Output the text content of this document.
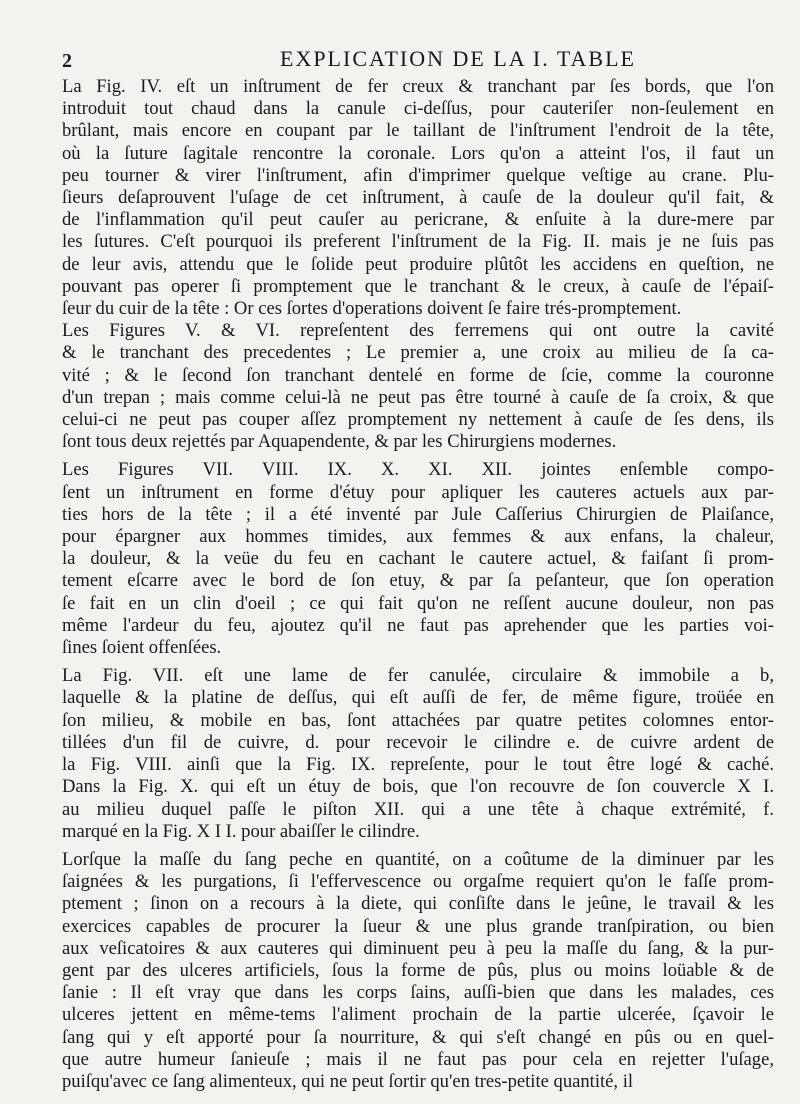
2	EXPLICATION DE LA I. TABLE
La Fig. IV. eſt un inſtrument de fer creux & tranchant par ſes bords, que l'on
introduit tout chaud dans la canule ci-deſſus, pour cauteriſer non-ſeulement en
brûlant, mais encore en coupant par le taillant de l'inſtrument l'endroit de la tête,
où la ſuture ſagitale rencontre la coronale. Lors qu'on a atteint l'os, il faut un
peu tourner & virer l'inſtrument, afin d'imprimer quelque veſtige au crane. Plu-
ſieurs deſaprouvent l'uſage de cet inſtrument, à cauſe de la douleur qu'il fait, &
de l'inflammation qu'il peut cauſer au pericrane, & enſuite à la dure-mere par
les ſutures. C'eſt pourquoi ils preferent l'inſtrument de la Fig. II. mais je ne ſuis pas
de leur avis, attendu que le ſolide peut produire plûtôt les accidens en queſtion, ne
pouvant pas operer ſi promptement que le tranchant & le creux, à cauſe de l'épaiſ-
ſeur du cuir de la tête : Or ces ſortes d'operations doivent ſe faire trés-promptement.
Les Figures V. & VI. repreſentent des ferremens qui ont outre la cavité
& le tranchant des precedentes ; Le premier a, une croix au milieu de ſa ca-
vité ; & le ſecond ſon tranchant dentelé en forme de ſcie, comme la couronne
d'un trepan ; mais comme celui-là ne peut pas être tourné à cauſe de ſa croix, & que
celui-ci ne peut pas couper aſſez promptement ny nettement à cauſe de ſes dens, ils
ſont tous deux rejettés par Aquapendente, & par les Chirurgiens modernes.
Les Figures VII. VIII. IX. X. XI. XII. jointes enſemble compo-
ſent un inſtrument en forme d'étuy pour apliquer les cauteres actuels aux par-
ties hors de la tête ; il a été inventé par Jule Caſſerius Chirurgien de Plaiſance,
pour épargner aux hommes timides, aux femmes & aux enfans, la chaleur,
la douleur, & la veüe du feu en cachant le cautere actuel, & faiſant ſi prom-
tement eſcarre avec le bord de ſon etuy, & par ſa peſanteur, que ſon operation
ſe fait en un clin d'oeil ; ce qui fait qu'on ne reſſent aucune douleur, non pas
même l'ardeur du feu, ajoutez qu'il ne faut pas aprehender que les parties voi-
ſines ſoient offenſées.
La Fig. VII. eſt une lame de fer canulée, circulaire & immobile a b,
laquelle & la platine de deſſus, qui eſt auſſi de fer, de même figure, troüée en
ſon milieu, & mobile en bas, ſont attachées par quatre petites colomnes entor-
tillées d'un fil de cuivre, d. pour recevoir le cilindre e. de cuivre ardent de
la Fig. VIII. ainſi que la Fig. IX. repreſente, pour le tout être logé & caché.
Dans la Fig. X. qui eſt un étuy de bois, que l'on recouvre de ſon couvercle X I.
au milieu duquel paſſe le piſton XII. qui a une tête à chaque extrémité, f.
marqué en la Fig. X I I. pour abaiſſer le cilindre.
Lorſque la maſſe du ſang peche en quantité, on a coûtume de la diminuer par les
ſaignées & les purgations, ſi l'effervescence ou orgaſme requiert qu'on le faſſe prom-
ptement ; ſinon on a recours à la diete, qui conſiſte dans le jeûne, le travail & les
exercices capables de procurer la ſueur & une plus grande tranſpiration, ou bien
aux veſicatoires & aux cauteres qui diminuent peu à peu la maſſe du ſang, & la pur-
gent par des ulceres artificiels, ſous la forme de pûs, plus ou moins loüable & de
ſanie : Il eſt vray que dans les corps ſains, auſſi-bien que dans les malades, ces
ulceres jettent en même-tems l'aliment prochain de la partie ulcerée, ſçavoir le
ſang qui y eſt apporté pour ſa nourriture, & qui s'eſt changé en pûs ou en quel-
que autre humeur ſanieuſe ; mais il ne faut pas pour cela en rejetter l'uſage,
puiſqu'avec ce ſang alimenteux, qui ne peut ſortir qu'en tres-petite quantité, il
